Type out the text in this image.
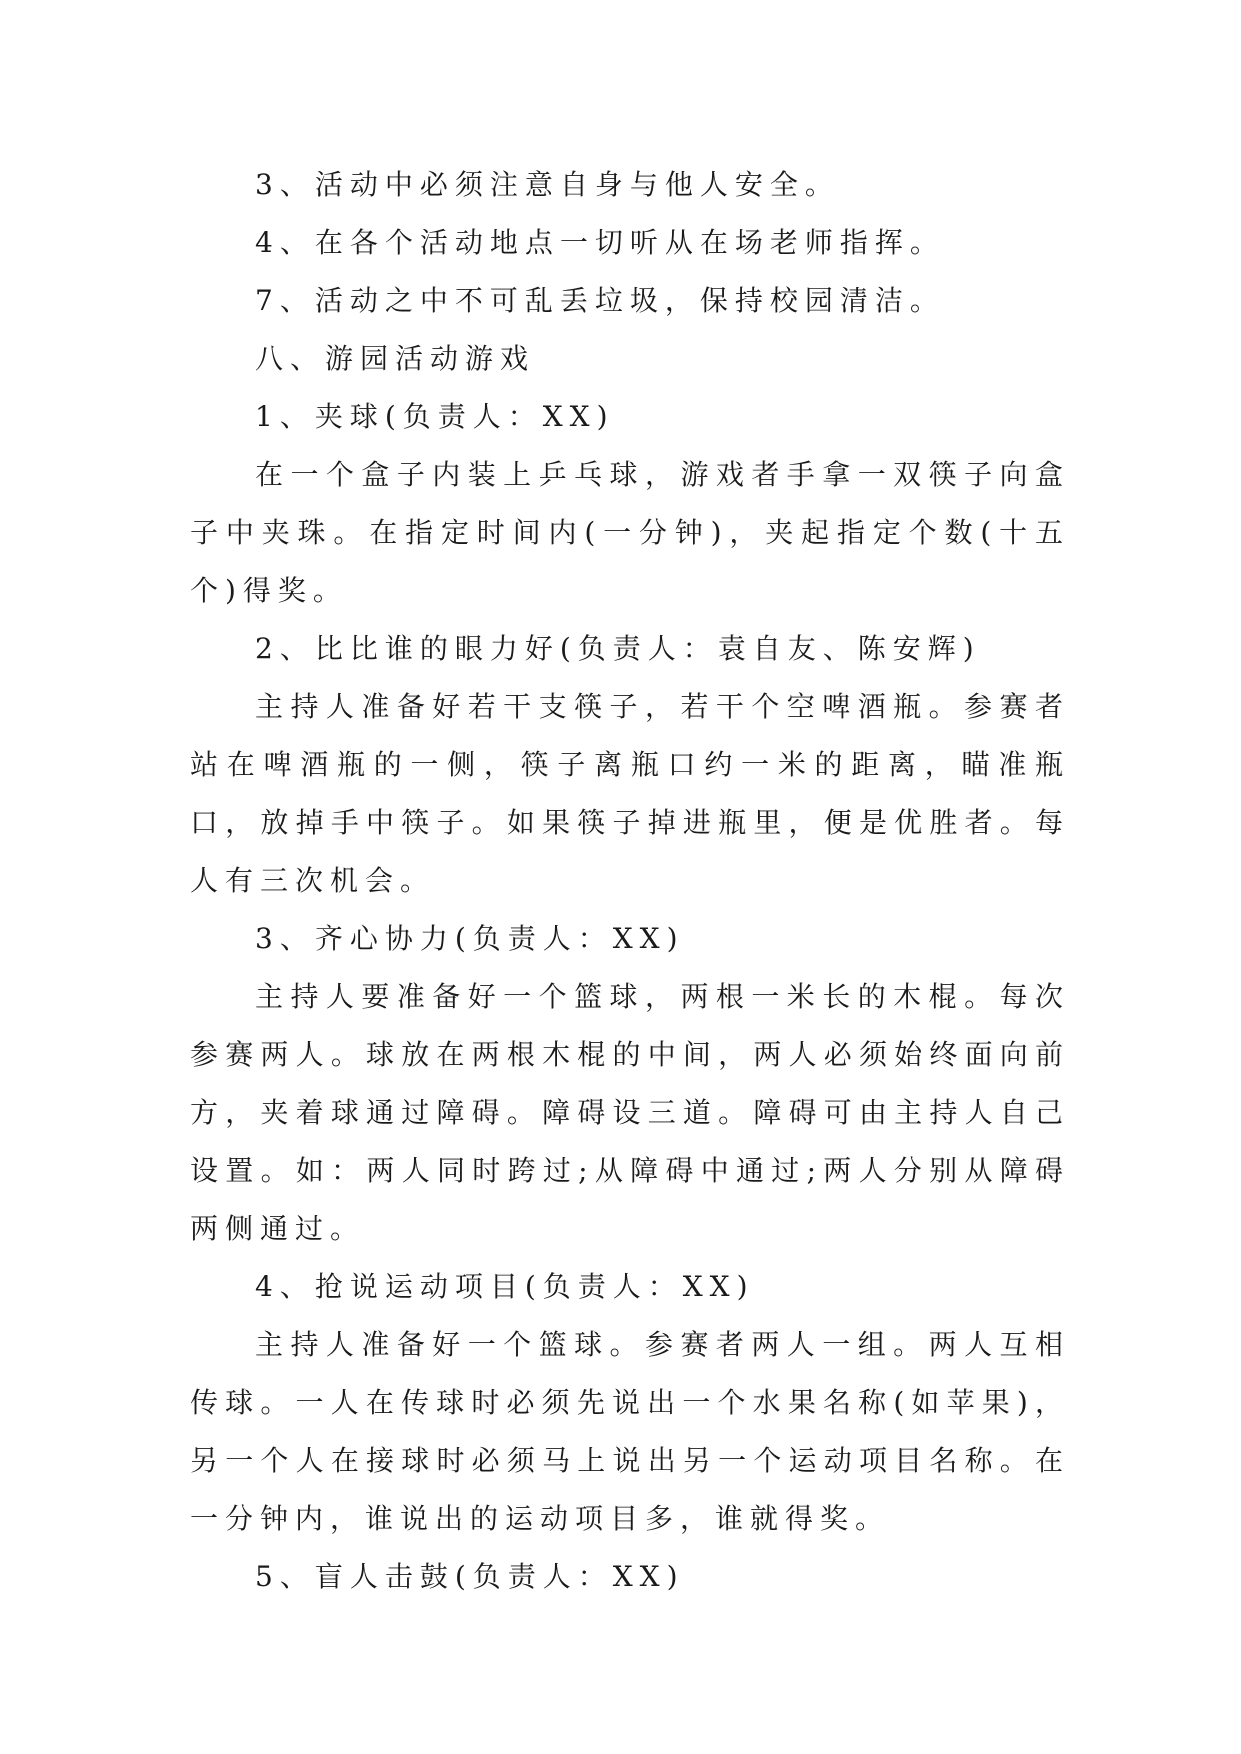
3、活动中必须注意自身与他人安全。

4、在各个活动地点一切听从在场老师指挥。

7、活动之中不可乱丢垃圾，保持校园清洁。

八、游园活动游戏

1、夹球(负责人：XX)

在一个盒子内装上乒乓球，游戏者手拿一双筷子向盒子中夹珠。在指定时间内(一分钟)，夹起指定个数(十五个)得奖。

2、比比谁的眼力好(负责人：袁自友、陈安辉)

主持人准备好若干支筷子，若干个空啤酒瓶。参赛者站在啤酒瓶的一侧，筷子离瓶口约一米的距离，瞄准瓶口，放掉手中筷子。如果筷子掉进瓶里，便是优胜者。每人有三次机会。

3、齐心协力(负责人：XX)

主持人要准备好一个篮球，两根一米长的木棍。每次参赛两人。球放在两根木棍的中间，两人必须始终面向前方，夹着球通过障碍。障碍设三道。障碍可由主持人自己设置。如：两人同时跨过;从障碍中通过;两人分别从障碍两侧通过。

4、抢说运动项目(负责人：XX)

主持人准备好一个篮球。参赛者两人一组。两人互相传球。一人在传球时必须先说出一个水果名称(如苹果)，另一个人在接球时必须马上说出另一个运动项目名称。在一分钟内，谁说出的运动项目多，谁就得奖。

5、盲人击鼓(负责人：XX)
